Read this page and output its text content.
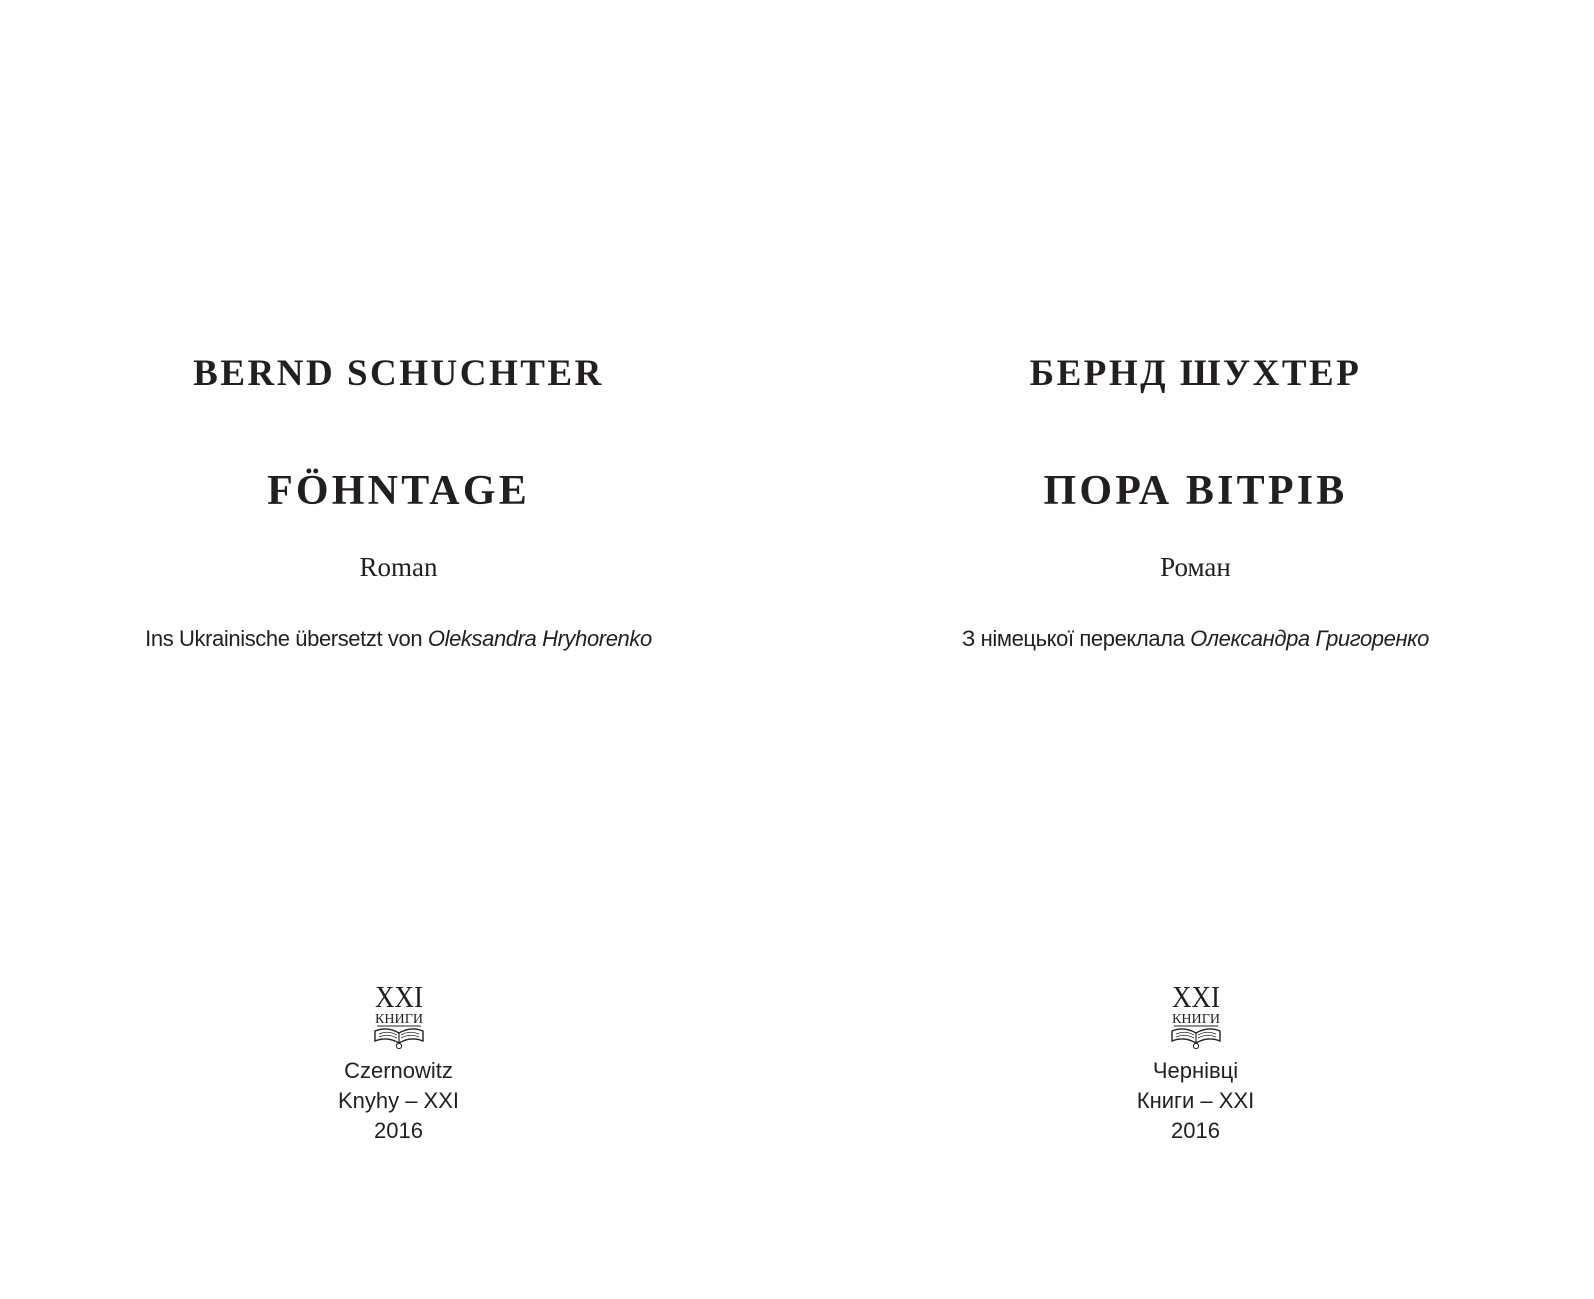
BERND SCHUCHTER
FÖHNTAGE
Roman
Ins Ukrainische übersetzt von Oleksandra Hryhorenko
XXI
КНИГИ
Czernowitz
Knyhy – XXI
2016
БЕРНД ШУХТЕР
ПОРА ВІТРІВ
Роман
З німецької переклала Олександра Григоренко
XXI
КНИГИ
Чернівці
Книги – XXI
2016
